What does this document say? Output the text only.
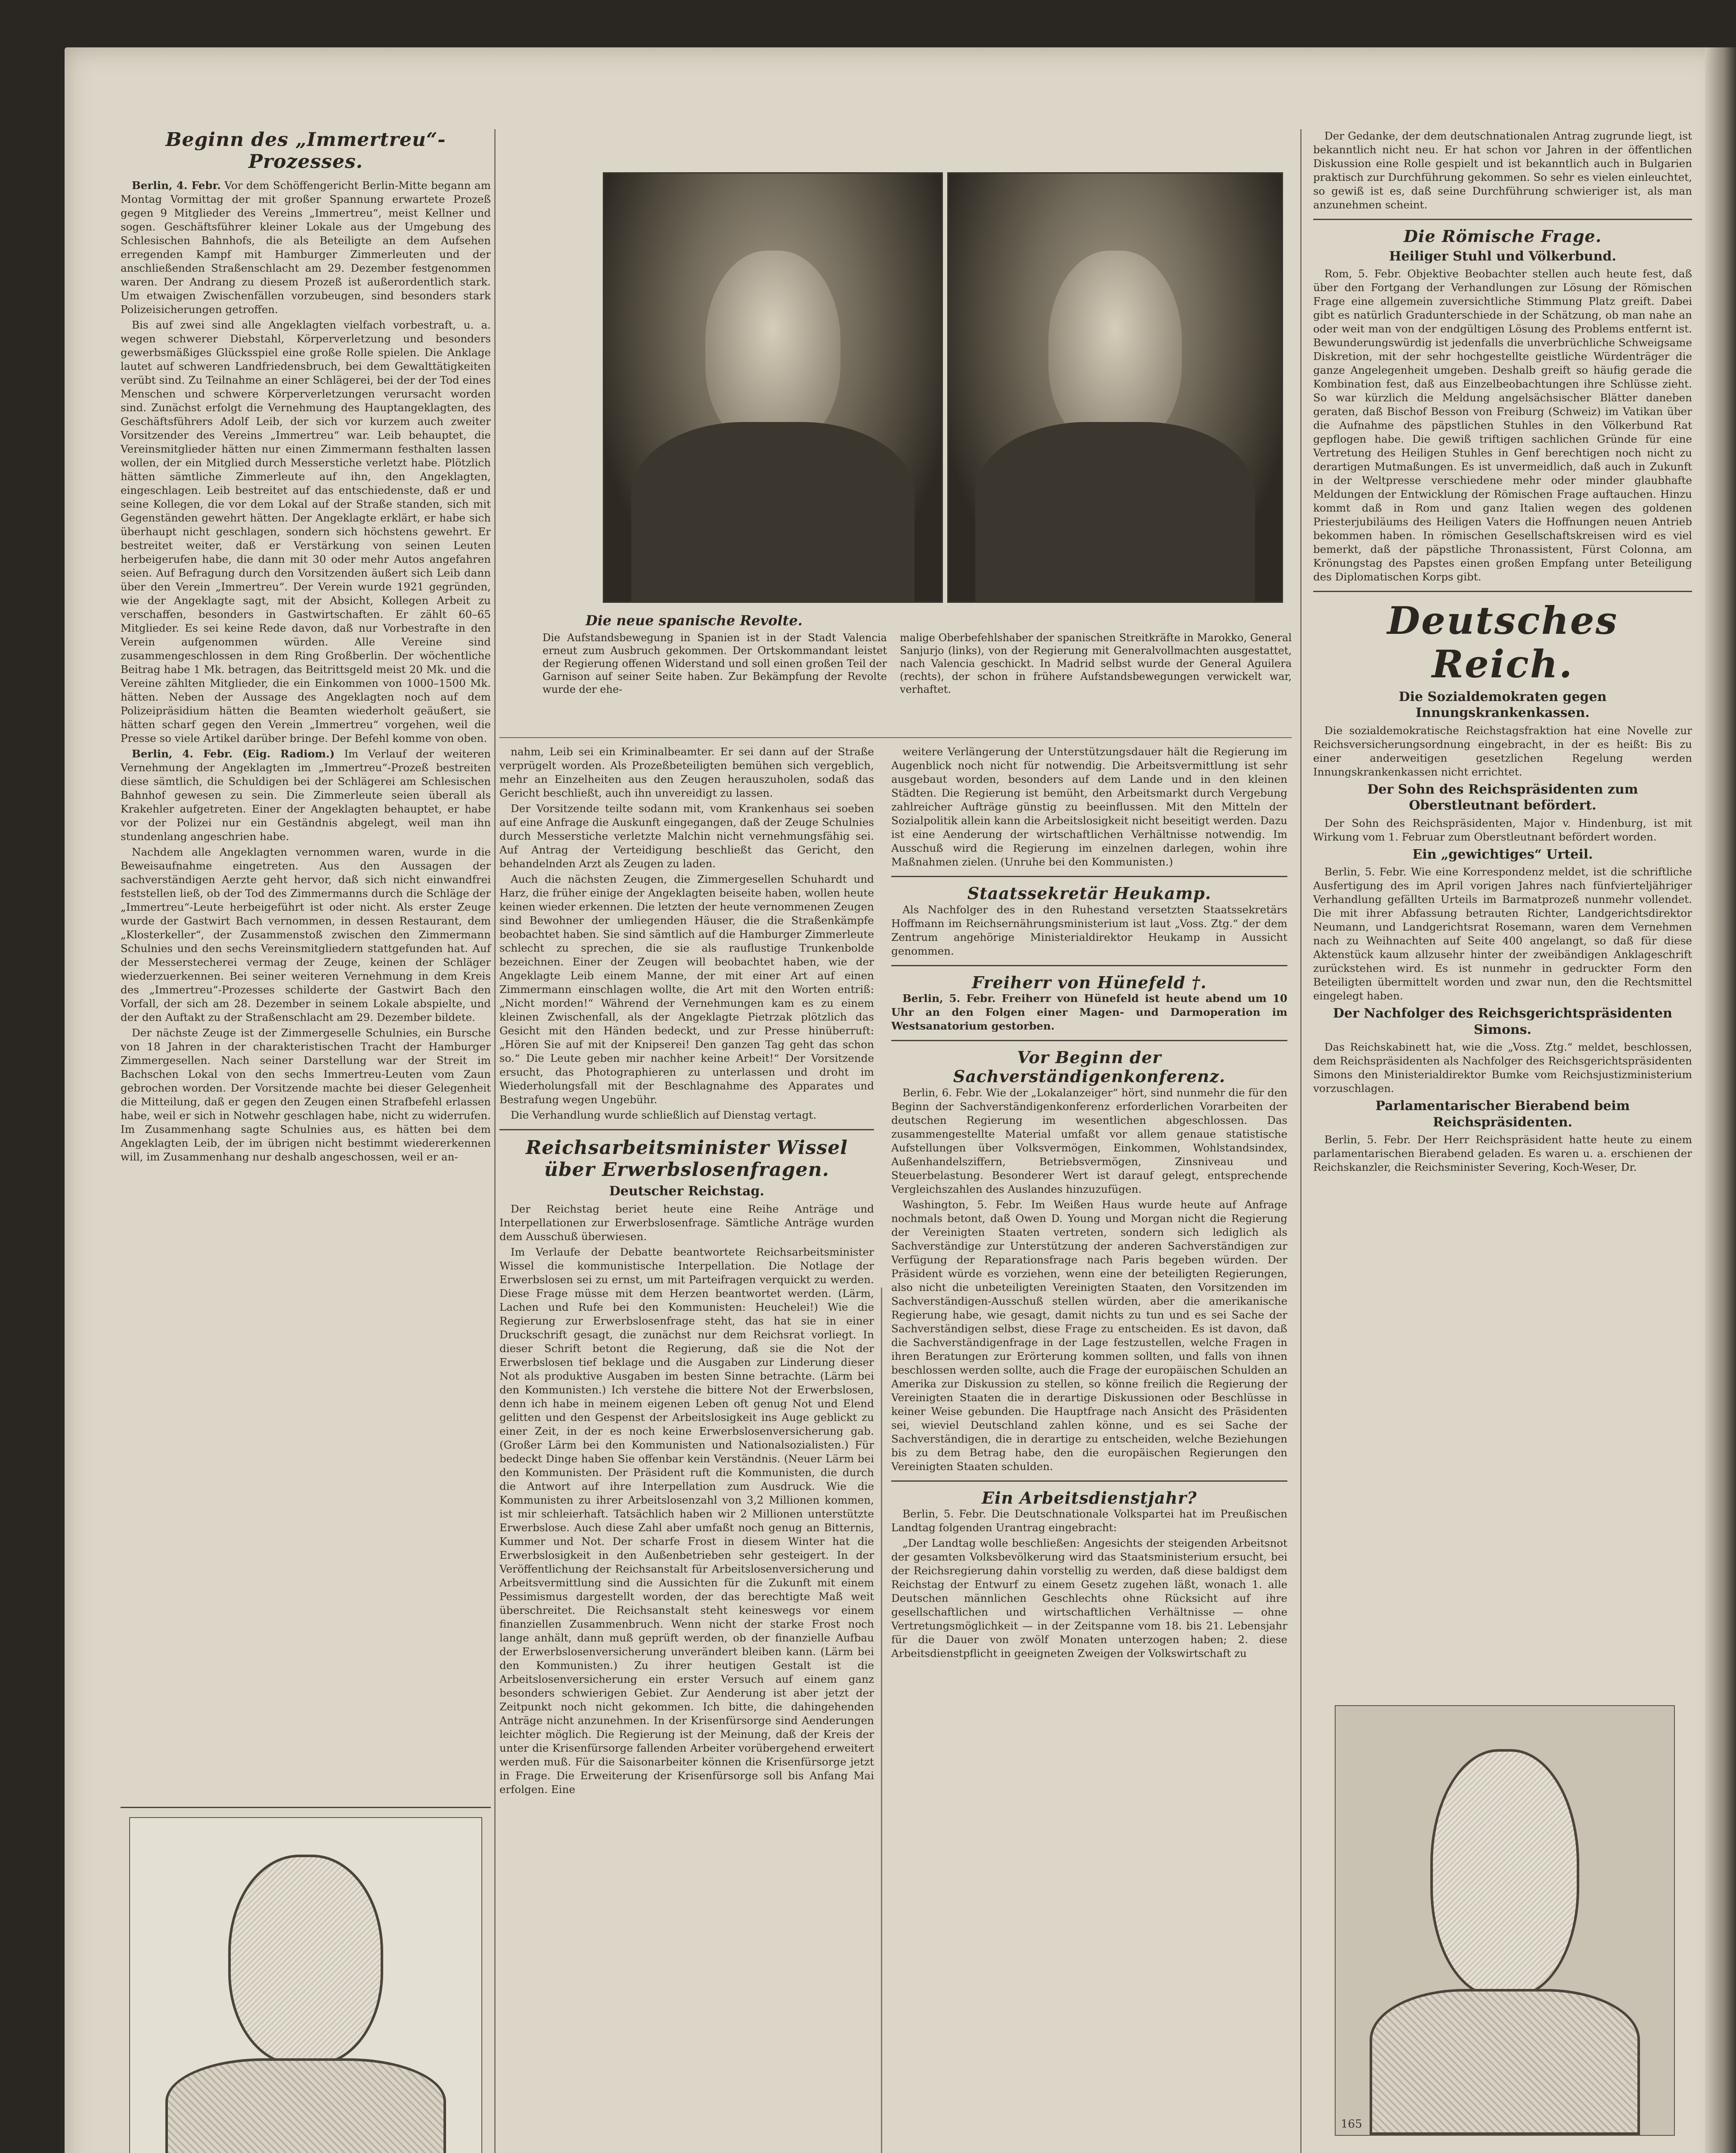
Beginn des „Immertreu“-Prozesses.

Berlin, 4. Febr. Vor dem Schöffengericht Berlin-Mitte begann am Montag Vormittag der mit großer Spannung erwartete Prozeß gegen 9 Mitglieder des Vereins „Immertreu“, meist Kellner und sogen. Geschäftsführer kleiner Lokale aus der Umgebung des Schlesischen Bahnhofs, die als Beteiligte an dem Aufsehen erregenden Kampf mit Hamburger Zimmerleuten und der anschließenden Straßenschlacht am 29. Dezember festgenommen waren. Der Andrang zu diesem Prozeß ist außerordentlich stark. Um etwaigen Zwischenfällen vorzubeugen, sind besonders stark Polizeisicherungen getroffen.

Bis auf zwei sind alle Angeklagten vielfach vorbestraft, u. a. wegen schwerer Diebstahl, Körperverletzung und besonders gewerbsmäßiges Glücksspiel eine große Rolle spielen. Die Anklage lautet auf schweren Landfriedensbruch, bei dem Gewalttätigkeiten verübt sind. Zu Teilnahme an einer Schlägerei, bei der der Tod eines Menschen und schwere Körperverletzungen verursacht worden sind. Zunächst erfolgt die Vernehmung des Hauptangeklagten, des Geschäftsführers Adolf Leib, der sich vor kurzem auch zweiter Vorsitzender des Vereins „Immertreu“ war. Leib behauptet, die Vereinsmitglieder hätten nur einen Zimmermann festhalten lassen wollen, der ein Mitglied durch Messerstiche verletzt habe. Plötzlich hätten sämtliche Zimmerleute auf ihn, den Angeklagten, eingeschlagen. Leib bestreitet auf das entschiedenste, daß er und seine Kollegen, die vor dem Lokal auf der Straße standen, sich mit Gegenständen gewehrt hätten. Der Angeklagte erklärt, er habe sich überhaupt nicht geschlagen, sondern sich höchstens gewehrt. Er bestreitet weiter, daß er Verstärkung von seinen Leuten herbeigerufen habe, die dann mit 30 oder mehr Autos angefahren seien. Auf Befragung durch den Vorsitzenden äußert sich Leib dann über den Verein „Immertreu“. Der Verein wurde 1921 gegründen, wie der Angeklagte sagt, mit der Absicht, Kollegen Arbeit zu verschaffen, besonders in Gastwirtschaften. Er zählt 60–65 Mitglieder. Es sei keine Rede davon, daß nur Vorbestrafte in den Verein aufgenommen würden. Alle Vereine sind zusammengeschlossen in dem Ring Großberlin. Der wöchentliche Beitrag habe 1 Mk. betragen, das Beitrittsgeld meist 20 Mk. und die Vereine zählten Mitglieder, die ein Einkommen von 1000–1500 Mk. hätten. Neben der Aussage des Angeklagten noch auf dem Polizeipräsidium hätten die Beamten wiederholt geäußert, sie hätten scharf gegen den Verein „Immertreu“ vorgehen, weil die Presse so viele Artikel darüber bringe. Der Befehl komme von oben.

Berlin, 4. Febr. (Eig. Radiom.) Im Verlauf der weiteren Vernehmung der Angeklagten im „Immertreu“-Prozeß bestreiten diese sämtlich, die Schuldigen bei der Schlägerei am Schlesischen Bahnhof gewesen zu sein. Die Zimmerleute seien überall als Krakehler aufgetreten. Einer der Angeklagten behauptet, er habe vor der Polizei nur ein Geständnis abgelegt, weil man ihn stundenlang angeschrien habe.

Nachdem alle Angeklagten vernommen waren, wurde in die Beweisaufnahme eingetreten. Aus den Aussagen der sachverständigen Aerzte geht hervor, daß sich nicht einwandfrei feststellen ließ, ob der Tod des Zimmermanns durch die Schläge der „Immertreu“-Leute herbeigeführt ist oder nicht. Als erster Zeuge wurde der Gastwirt Bach vernommen, in dessen Restaurant, dem „Klosterkeller“, der Zusammenstoß zwischen den Zimmermann Schulnies und den sechs Vereinsmitgliedern stattgefunden hat. Auf der Messerstecherei vermag der Zeuge, keinen der Schläger wiederzuerkennen. Bei seiner weiteren Vernehmung in dem Kreis des „Immertreu“-Prozesses schilderte der Gastwirt Bach den Vorfall, der sich am 28. Dezember in seinem Lokale abspielte, und der den Auftakt zu der Straßenschlacht am 29. Dezember bildete.

Der nächste Zeuge ist der Zimmergeselle Schulnies, ein Bursche von 18 Jahren in der charakteristischen Tracht der Hamburger Zimmergesellen. Nach seiner Darstellung war der Streit im Bachschen Lokal von den sechs Immertreu-Leuten vom Zaun gebrochen worden. Der Vorsitzende machte bei dieser Gelegenheit die Mitteilung, daß er gegen den Zeugen einen Strafbefehl erlassen habe, weil er sich in Notwehr geschlagen habe, nicht zu widerrufen. Im Zusammenhang sagte Schulnies aus, es hätten bei dem Angeklagten Leib, der im übrigen nicht bestimmt wiedererkennen will, im Zusammenhang nur deshalb angeschossen, weil er an-

Die neue spanische Revolte.
Die Aufstandsbewegung in Spanien ist in der Stadt Valencia erneut zum Ausbruch gekommen. Der Ortskommandant leistet der Regierung offenen Widerstand und soll einen großen Teil der Garnison auf seiner Seite haben. Zur Bekämpfung der Revolte wurde der ehe-
malige Oberbefehlshaber der spanischen Streitkräfte in Marokko, General Sanjurjo (links), von der Regierung mit Generalvollmachten ausgestattet, nach Valencia geschickt. In Madrid selbst wurde der General Aguilera (rechts), der schon in frühere Aufstandsbewegungen verwickelt war, verhaftet.

nahm, Leib sei ein Kriminalbeamter. Er sei dann auf der Straße verprügelt worden. Als Prozeßbeteiligten bemühen sich vergeblich, mehr an Einzelheiten aus den Zeugen herauszuholen, sodaß das Gericht beschließt, auch ihn unvereidigt zu lassen.

Der Vorsitzende teilte sodann mit, vom Krankenhaus sei soeben auf eine Anfrage die Auskunft eingegangen, daß der Zeuge Schulnies durch Messerstiche verletzte Malchin nicht vernehmungsfähig sei. Auf Antrag der Verteidigung beschließt das Gericht, den behandelnden Arzt als Zeugen zu laden.

Auch die nächsten Zeugen, die Zimmergesellen Schuhardt und Harz, die früher einige der Angeklagten beiseite haben, wollen heute keinen wieder erkennen. Die letzten der heute vernommenen Zeugen sind Bewohner der umliegenden Häuser, die die Straßenkämpfe beobachtet haben. Sie sind sämtlich auf die Hamburger Zimmerleute schlecht zu sprechen, die sie als rauflustige Trunkenbolde bezeichnen. Einer der Zeugen will beobachtet haben, wie der Angeklagte Leib einem Manne, der mit einer Art auf einen Zimmermann einschlagen wollte, die Art mit den Worten entriß: „Nicht morden!“ Während der Vernehmungen kam es zu einem kleinen Zwischenfall, als der Angeklagte Pietrzak plötzlich das Gesicht mit den Händen bedeckt, und zur Presse hinüberruft: „Hören Sie auf mit der Knipserei! Den ganzen Tag geht das schon so.“ Die Leute geben mir nachher keine Arbeit!“ Der Vorsitzende ersucht, das Photographieren zu unterlassen und droht im Wiederholungsfall mit der Beschlagnahme des Apparates und Bestrafung wegen Ungebühr.

Die Verhandlung wurde schließlich auf Dienstag vertagt.

Reichsarbeitsminister Wissel über Erwerbslosenfragen.
Deutscher Reichstag.

Der Reichstag beriet heute eine Reihe Anträge und Interpellationen zur Erwerbslosenfrage. Sämtliche Anträge wurden dem Ausschuß überwiesen.

Im Verlaufe der Debatte beantwortete Reichsarbeitsminister Wissel die kommunistische Interpellation. Die Notlage der Erwerbslosen sei zu ernst, um mit Parteifragen verquickt zu werden. Diese Frage müsse mit dem Herzen beantwortet werden. (Lärm, Lachen und Rufe bei den Kommunisten: Heuchelei!) Wie die Regierung zur Erwerbslosenfrage steht, das hat sie in einer Druckschrift gesagt, die zunächst nur dem Reichsrat vorliegt. In dieser Schrift betont die Regierung, daß sie die Not der Erwerbslosen tief beklage und die Ausgaben zur Linderung dieser Not als produktive Ausgaben im besten Sinne betrachte. (Lärm bei den Kommunisten.) Ich verstehe die bittere Not der Erwerbslosen, denn ich habe in meinem eigenen Leben oft genug Not und Elend gelitten und den Gespenst der Arbeitslosigkeit ins Auge geblickt zu einer Zeit, in der es noch keine Erwerbslosenversicherung gab. (Großer Lärm bei den Kommunisten und Nationalsozialisten.) Für bedeckt Dinge haben Sie offenbar kein Verständnis. (Neuer Lärm bei den Kommunisten. Der Präsident ruft die Kommunisten, die durch die Antwort auf ihre Interpellation zum Ausdruck. Wie die Kommunisten zu ihrer Arbeitslosenzahl von 3,2 Millionen kommen, ist mir schleierhaft. Tatsächlich haben wir 2 Millionen unterstützte Erwerbslose. Auch diese Zahl aber umfaßt noch genug an Bitternis, Kummer und Not. Der scharfe Frost in diesem Winter hat die Erwerbslosigkeit in den Außenbetrieben sehr gesteigert. In der Veröffentlichung der Reichsanstalt für Arbeitslosenversicherung und Arbeitsvermittlung sind die Aussichten für die Zukunft mit einem Pessimismus dargestellt worden, der das berechtigte Maß weit überschreitet. Die Reichsanstalt steht keineswegs vor einem finanziellen Zusammenbruch. Wenn nicht der starke Frost noch lange anhält, dann muß geprüft werden, ob der finanzielle Aufbau der Erwerbslosenversicherung unverändert bleiben kann. (Lärm bei den Kommunisten.) Zu ihrer heutigen Gestalt ist die Arbeitslosenversicherung ein erster Versuch auf einem ganz besonders schwierigen Gebiet. Zur Aenderung ist aber jetzt der Zeitpunkt noch nicht gekommen. Ich bitte, die dahingehenden Anträge nicht anzunehmen. In der Krisenfürsorge sind Aenderungen leichter möglich. Die Regierung ist der Meinung, daß der Kreis der unter die Krisenfürsorge fallenden Arbeiter vorübergehend erweitert werden muß. Für die Saisonarbeiter können die Krisenfürsorge jetzt in Frage. Die Erweiterung der Krisenfürsorge soll bis Anfang Mai erfolgen. Eine

weitere Verlängerung der Unterstützungsdauer hält die Regierung im Augenblick noch nicht für notwendig. Die Arbeitsvermittlung ist sehr ausgebaut worden, besonders auf dem Lande und in den kleinen Städten. Die Regierung ist bemüht, den Arbeitsmarkt durch Vergebung zahlreicher Aufträge günstig zu beeinflussen. Mit den Mitteln der Sozialpolitik allein kann die Arbeitslosigkeit nicht beseitigt werden. Dazu ist eine Aenderung der wirtschaftlichen Verhältnisse notwendig. Im Ausschuß wird die Regierung im einzelnen darlegen, wohin ihre Maßnahmen zielen. (Unruhe bei den Kommunisten.)

Staatssekretär Heukamp.

Als Nachfolger des in den Ruhestand versetzten Staatssekretärs Hoffmann im Reichsernährungsministerium ist laut „Voss. Ztg.“ der dem Zentrum angehörige Ministerialdirektor Heukamp in Aussicht genommen.

Freiherr von Hünefeld †.

Berlin, 5. Febr. Freiherr von Hünefeld ist heute abend um 10 Uhr an den Folgen einer Magen- und Darmoperation im Westsanatorium gestorben.

Vor Beginn der Sachverständigenkonferenz.

Berlin, 6. Febr. Wie der „Lokalanzeiger“ hört, sind nunmehr die für den Beginn der Sachverständigenkonferenz erforderlichen Vorarbeiten der deutschen Regierung im wesentlichen abgeschlossen. Das zusammengestellte Material umfaßt vor allem genaue statistische Aufstellungen über Volksvermögen, Einkommen, Wohlstandsindex, Außenhandelsziffern, Betriebsvermögen, Zinsniveau und Steuerbelastung. Besonderer Wert ist darauf gelegt, entsprechende Vergleichszahlen des Auslandes hinzuzufügen.

Washington, 5. Febr. Im Weißen Haus wurde heute auf Anfrage nochmals betont, daß Owen D. Young und Morgan nicht die Regierung der Vereinigten Staaten vertreten, sondern sich lediglich als Sachverständige zur Unterstützung der anderen Sachverständigen zur Verfügung der Reparationsfrage nach Paris begeben würden. Der Präsident würde es vorziehen, wenn eine der beteiligten Regierungen, also nicht die unbeteiligten Vereinigten Staaten, den Vorsitzenden im Sachverständigen-Ausschuß stellen würden, aber die amerikanische Regierung habe, wie gesagt, damit nichts zu tun und es sei Sache der Sachverständigen selbst, diese Frage zu entscheiden. Es ist davon, daß die Sachverständigenfrage in der Lage festzustellen, welche Fragen in ihren Beratungen zur Erörterung kommen sollten, und falls von ihnen beschlossen werden sollte, auch die Frage der europäischen Schulden an Amerika zur Diskussion zu stellen, so könne freilich die Regierung der Vereinigten Staaten die in derartige Diskussionen oder Beschlüsse in keiner Weise gebunden. Die Hauptfrage nach Ansicht des Präsidenten sei, wieviel Deutschland zahlen könne, und es sei Sache der Sachverständigen, die in derartige zu entscheiden, welche Beziehungen bis zu dem Betrag habe, den die europäischen Regierungen den Vereinigten Staaten schulden.

Ein Arbeitsdienstjahr?

Berlin, 5. Febr. Die Deutschnationale Volkspartei hat im Preußischen Landtag folgenden Urantrag eingebracht:

„Der Landtag wolle beschließen: Angesichts der steigenden Arbeitsnot der gesamten Volksbevölkerung wird das Staatsministerium ersucht, bei der Reichsregierung dahin vorstellig zu werden, daß diese baldigst dem Reichstag der Entwurf zu einem Gesetz zugehen läßt, wonach 1. alle Deutschen männlichen Geschlechts ohne Rücksicht auf ihre gesellschaftlichen und wirtschaftlichen Verhältnisse — ohne Vertretungsmöglichkeit — in der Zeitspanne vom 18. bis 21. Lebensjahr für die Dauer von zwölf Monaten unterzogen haben; 2. diese Arbeitsdienstpflicht in geeigneten Zweigen der Volkswirtschaft zu

Der Gedanke, der dem deutschnationalen Antrag zugrunde liegt, ist bekanntlich nicht neu. Er hat schon vor Jahren in der öffentlichen Diskussion eine Rolle gespielt und ist bekanntlich auch in Bulgarien praktisch zur Durchführung gekommen. So sehr es vielen einleuchtet, so gewiß ist es, daß seine Durchführung schwieriger ist, als man anzunehmen scheint.

Die Römische Frage.
Heiliger Stuhl und Völkerbund.

Rom, 5. Febr. Objektive Beobachter stellen auch heute fest, daß über den Fortgang der Verhandlungen zur Lösung der Römischen Frage eine allgemein zuversichtliche Stimmung Platz greift. Dabei gibt es natürlich Gradunterschiede in der Schätzung, ob man nahe an oder weit man von der endgültigen Lösung des Problems entfernt ist. Bewunderungswürdig ist jedenfalls die unverbrüchliche Schweigsame Diskretion, mit der sehr hochgestellte geistliche Würdenträger die ganze Angelegenheit umgeben. Deshalb greift so häufig gerade die Kombination fest, daß aus Einzelbeobachtungen ihre Schlüsse zieht. So war kürzlich die Meldung angelsächsischer Blätter daneben geraten, daß Bischof Besson von Freiburg (Schweiz) im Vatikan über die Aufnahme des päpstlichen Stuhles in den Völkerbund Rat gepflogen habe. Die gewiß triftigen sachlichen Gründe für eine Vertretung des Heiligen Stuhles in Genf berechtigen noch nicht zu derartigen Mutmaßungen. Es ist unvermeidlich, daß auch in Zukunft in der Weltpresse verschiedene mehr oder minder glaubhafte Meldungen der Entwicklung der Römischen Frage auftauchen. Hinzu kommt daß in Rom und ganz Italien wegen des goldenen Priesterjubiläums des Heiligen Vaters die Hoffnungen neuen Antrieb bekommen haben. In römischen Gesellschaftskreisen wird es viel bemerkt, daß der päpstliche Thronassistent, Fürst Colonna, am Krönungstag des Papstes einen großen Empfang unter Beteiligung des Diplomatischen Korps gibt.

Deutsches Reich.
Die Sozialdemokraten gegen Innungskrankenkassen.

Die sozialdemokratische Reichstagsfraktion hat eine Novelle zur Reichsversicherungsordnung eingebracht, in der es heißt: Bis zu einer anderweitigen gesetzlichen Regelung werden Innungskrankenkassen nicht errichtet.

Der Sohn des Reichspräsidenten zum Oberstleutnant befördert.

Der Sohn des Reichspräsidenten, Major v. Hindenburg, ist mit Wirkung vom 1. Februar zum Oberstleutnant befördert worden.

Ein „gewichtiges“ Urteil.

Berlin, 5. Febr. Wie eine Korrespondenz meldet, ist die schriftliche Ausfertigung des im April vorigen Jahres nach fünfvierteljähriger Verhandlung gefällten Urteils im Barmatprozeß nunmehr vollendet. Die mit ihrer Abfassung betrauten Richter, Landgerichtsdirektor Neumann, und Landgerichtsrat Rosemann, waren dem Vernehmen nach zu Weihnachten auf Seite 400 angelangt, so daß für diese Aktenstück kaum allzusehr hinter der zweibändigen Anklageschrift zurückstehen wird. Es ist nunmehr in gedruckter Form den Beteiligten übermittelt worden und zwar nun, den die Rechtsmittel eingelegt haben.

Der Nachfolger des Reichsgerichtspräsidenten Simons.

Das Reichskabinett hat, wie die „Voss. Ztg.“ meldet, beschlossen, dem Reichspräsidenten als Nachfolger des Reichsgerichtspräsidenten Simons den Ministerialdirektor Bumke vom Reichsjustizministerium vorzuschlagen.

Parlamentarischer Bierabend beim Reichspräsidenten.

Berlin, 5. Febr. Der Herr Reichspräsident hatte heute zu einem parlamentarischen Bierabend geladen. Es waren u. a. erschienen der Reichskanzler, die Reichsminister Severing, Koch-Weser, Dr.

165
